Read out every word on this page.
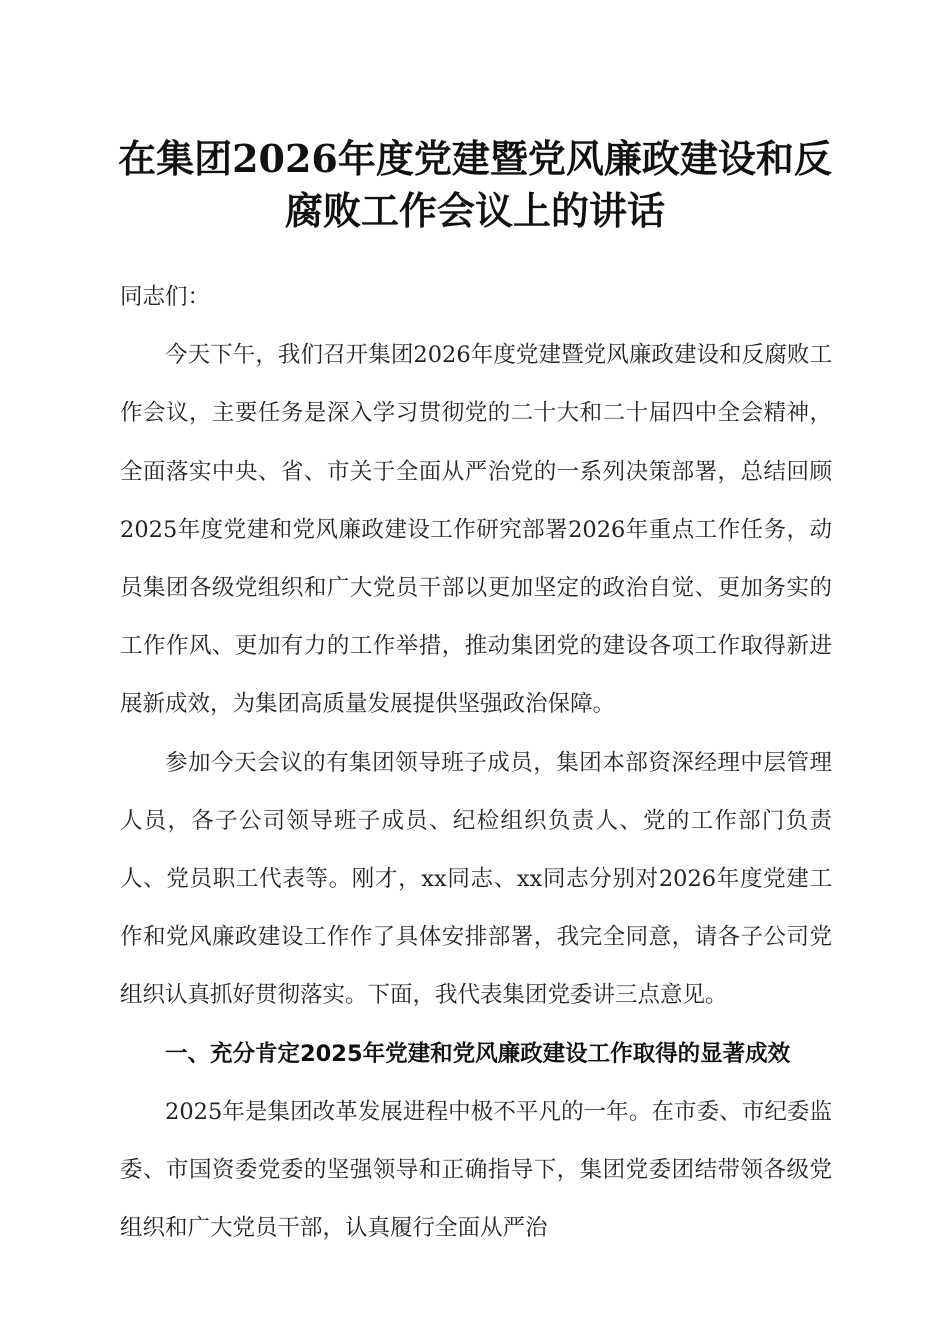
在集团2026年度党建暨党风廉政建设和反腐败工作会议上的讲话

同志们：

今天下午，我们召开集团2026年度党建暨党风廉政建设和反腐败工作会议，主要任务是深入学习贯彻党的二十大和二十届四中全会精神，全面落实中央、省、市关于全面从严治党的一系列决策部署，总结回顾2025年度党建和党风廉政建设工作研究部署2026年重点工作任务，动员集团各级党组织和广大党员干部以更加坚定的政治自觉、更加务实的工作作风、更加有力的工作举措，推动集团党的建设各项工作取得新进展新成效，为集团高质量发展提供坚强政治保障。

参加今天会议的有集团领导班子成员，集团本部资深经理中层管理人员，各子公司领导班子成员、纪检组织负责人、党的工作部门负责人、党员职工代表等。刚才，xx同志、xx同志分别对2026年度党建工作和党风廉政建设工作作了具体安排部署，我完全同意，请各子公司党组织认真抓好贯彻落实。下面，我代表集团党委讲三点意见。

一、充分肯定2025年党建和党风廉政建设工作取得的显著成效

2025年是集团改革发展进程中极不平凡的一年。在市委、市纪委监委、市国资委党委的坚强领导和正确指导下，集团党委团结带领各级党组织和广大党员干部，认真履行全面从严治
